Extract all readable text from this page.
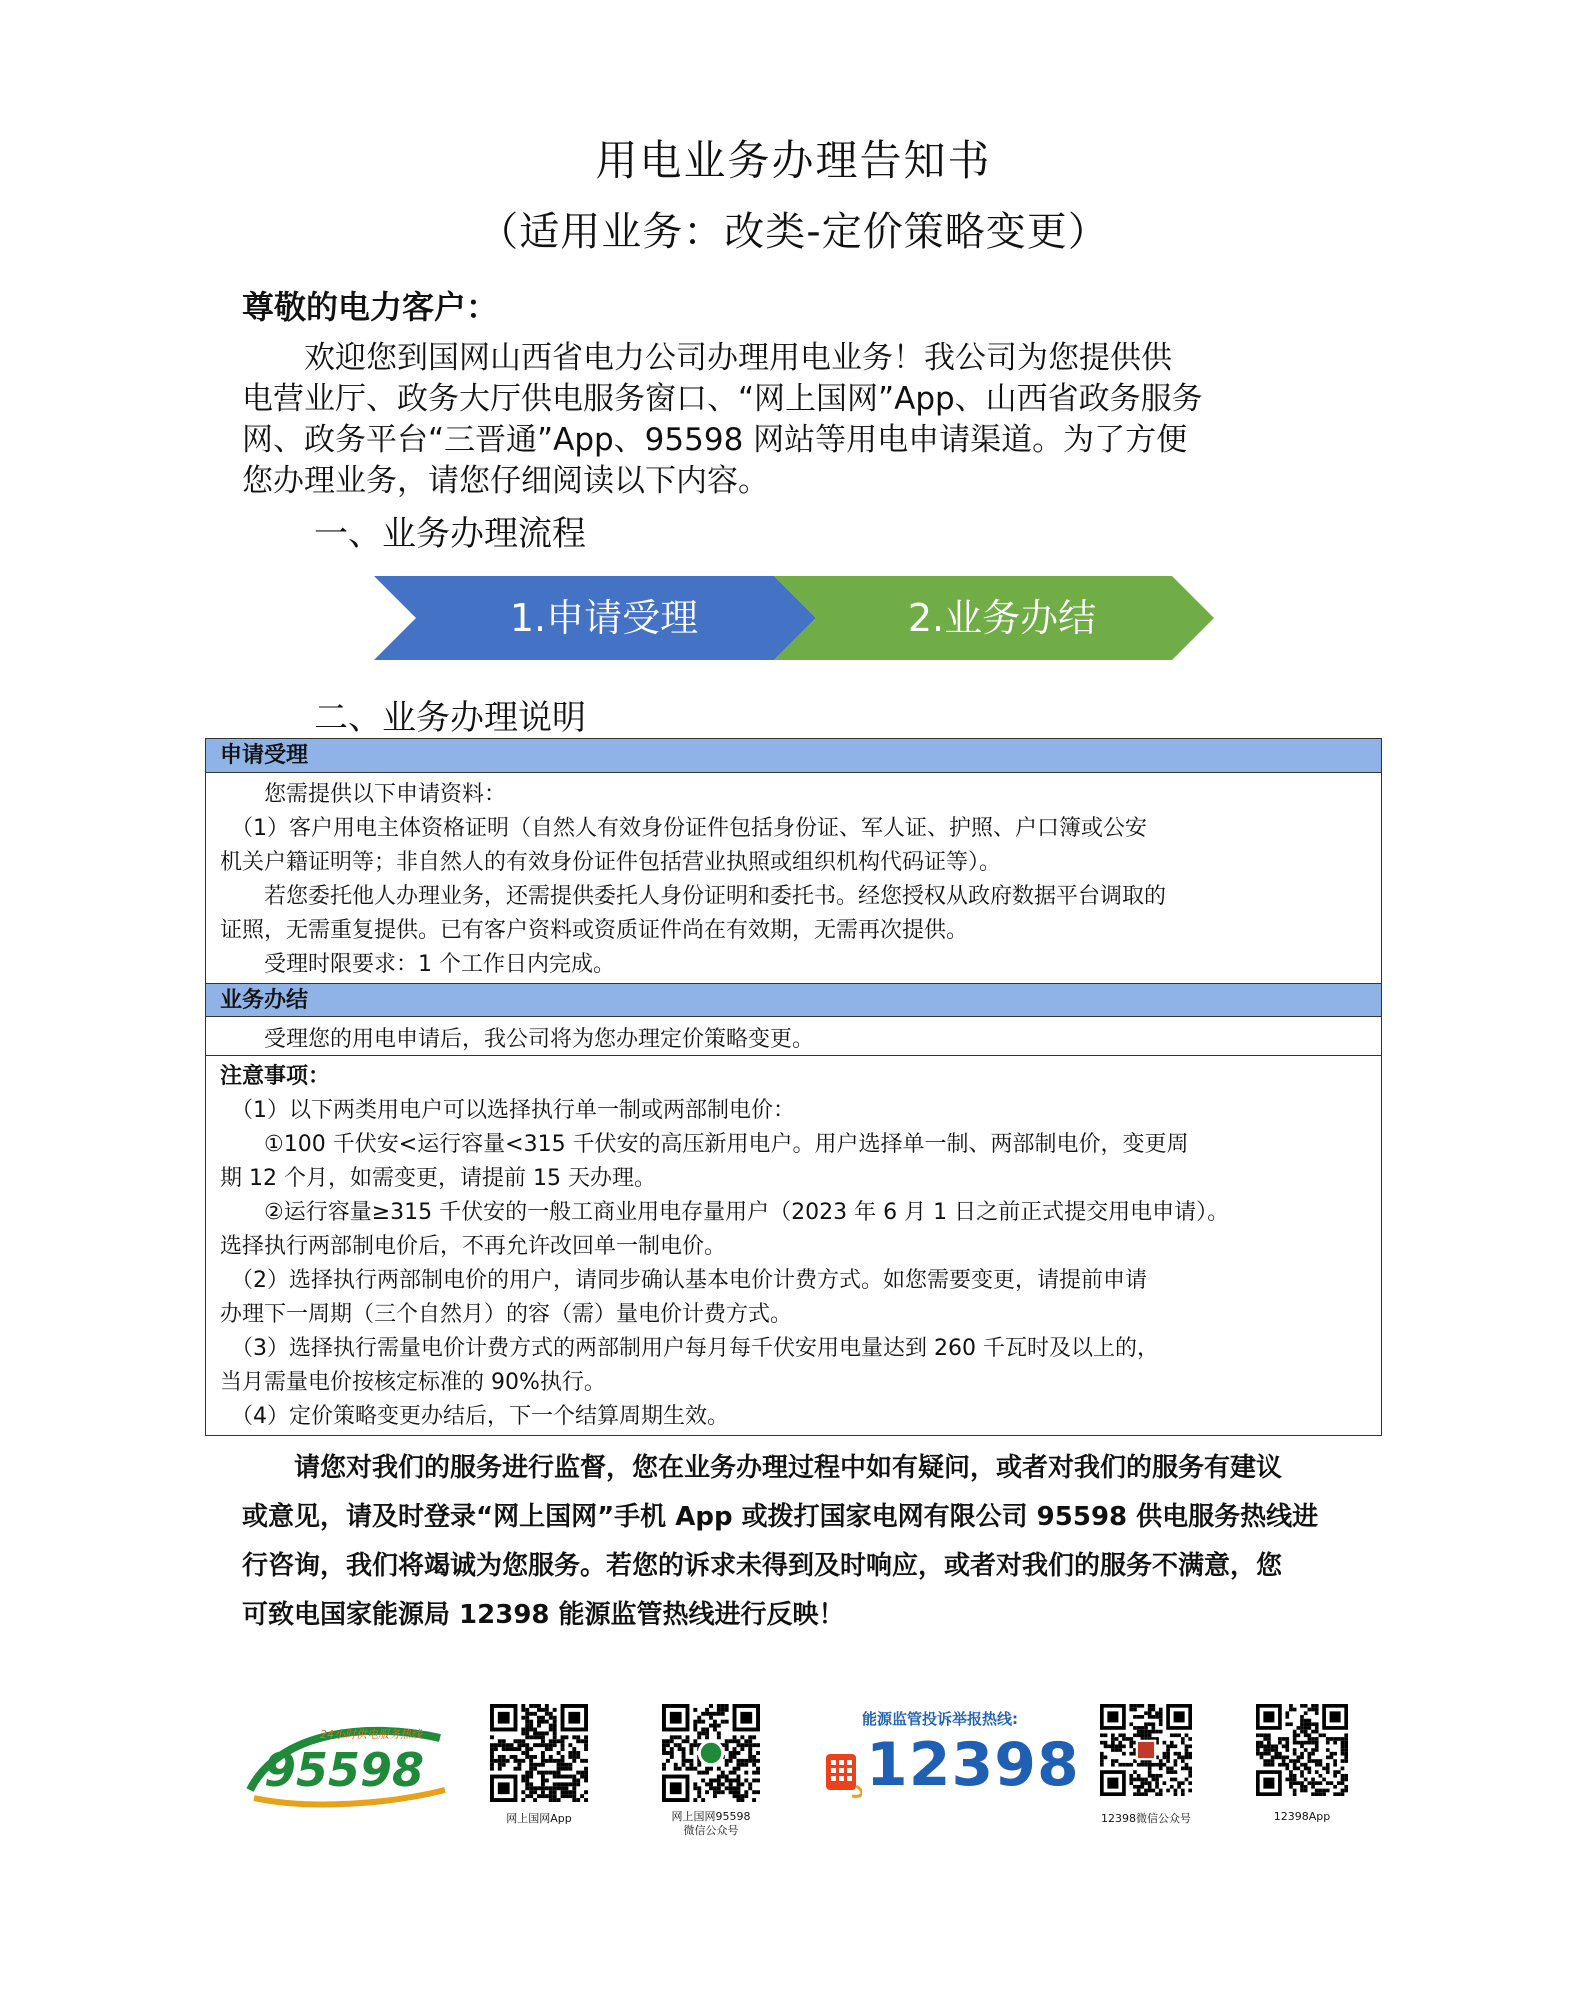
用电业务办理告知书
（适用业务：改类-定价策略变更）
尊敬的电力客户：

　　欢迎您到国网山西省电力公司办理用电业务！我公司为您提供供

电营业厅、政务大厅供电服务窗口、“网上国网”App、山西省政务服务

网、政务平台“三晋通”App、95598 网站等用电申请渠道。为了方便

您办理业务，请您仔细阅读以下内容。

一、业务办理流程
1.申请受理	2.业务办结
二、业务办理说明
申请受理
　　您需提供以下申请资料：
　（1）客户用电主体资格证明（自然人有效身份证件包括身份证、军人证、护照、户口簿或公安
机关户籍证明等；非自然人的有效身份证件包括营业执照或组织机构代码证等）。
　　若您委托他人办理业务，还需提供委托人身份证明和委托书。经您授权从政府数据平台调取的
证照，无需重复提供。已有客户资料或资质证件尚在有效期，无需再次提供。
　　受理时限要求：1 个工作日内完成。
业务办结
　　受理您的用电申请后，我公司将为您办理定价策略变更。
注意事项：
　（1）以下两类用电户可以选择执行单一制或两部制电价：
　　①100 千伏安<运行容量<315 千伏安的高压新用电户。用户选择单一制、两部制电价，变更周
期 12 个月，如需变更，请提前 15 天办理。
　　②运行容量≥315 千伏安的一般工商业用电存量用户（2023 年 6 月 1 日之前正式提交用电申请）。
选择执行两部制电价后，不再允许改回单一制电价。
　（2）选择执行两部制电价的用户，请同步确认基本电价计费方式。如您需要变更，请提前申请
办理下一周期（三个自然月）的容（需）量电价计费方式。
　（3）选择执行需量电价计费方式的两部制用户每月每千伏安用电量达到 260 千瓦时及以上的，
当月需量电价按核定标准的 90%执行。
　（4）定价策略变更办结后，下一个结算周期生效。

　　请您对我们的服务进行监督，您在业务办理过程中如有疑问，或者对我们的服务有建议

或意见，请及时登录“网上国网”手机 App 或拨打国家电网有限公司 95598 供电服务热线进

行咨询，我们将竭诚为您服务。若您的诉求未得到及时响应，或者对我们的服务不满意，您

可致电国家能源局 12398 能源监管热线进行反映！

24小时供电服务热线
95598
网上国网App	网上国网95598
微信公众号
能源监管投诉举报热线:
12398
12398微信公众号	12398App
